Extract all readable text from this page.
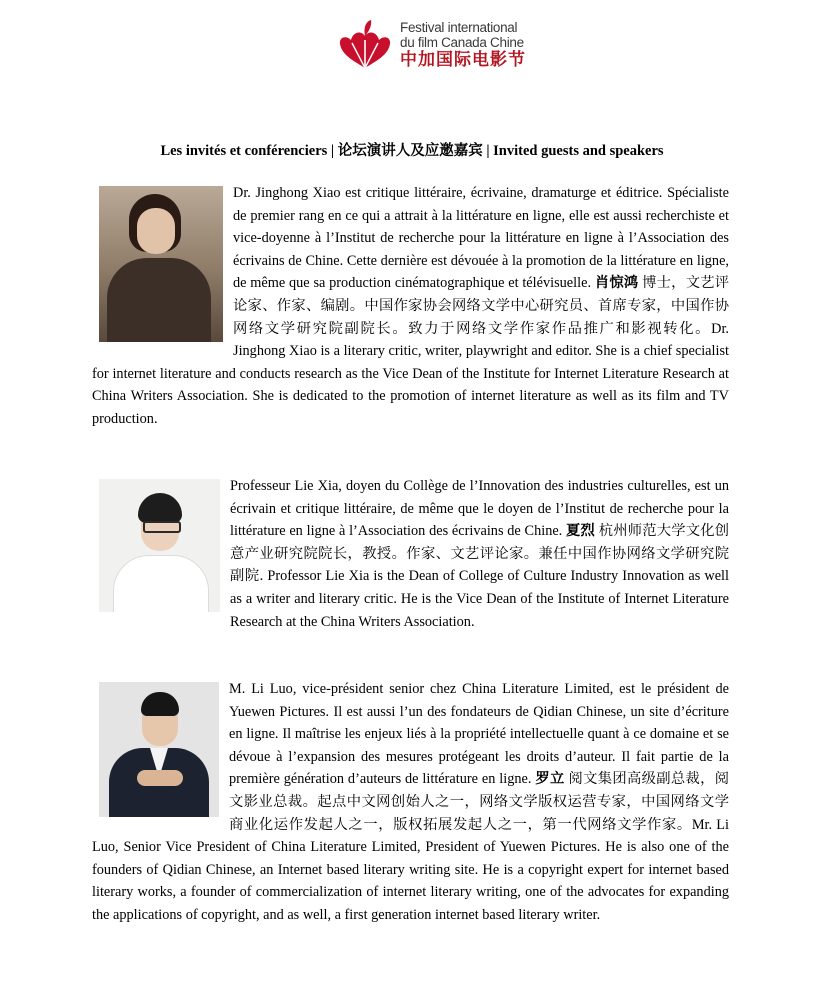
Festival international
du film Canada Chine
中加国际电影节
Les invités et conférenciers | 论坛演讲人及应邀嘉宾 | Invited guests and speakers
Dr. Jinghong Xiao est critique littéraire, écrivaine, dramaturge et éditrice. Spécialiste de premier rang en ce qui a attrait à la littérature en ligne, elle est aussi recherchiste et vice-doyenne à l’Institut de recherche pour la littérature en ligne à l’Association des écrivains de Chine. Cette dernière est dévouée à la promotion de la littérature en ligne, de même que sa production cinématographique et télévisuelle. 肖惊鸿 博士，文艺评论家、作家、编剧。中国作家协会网络文学中心研究员、首席专家，中国作协网络文学研究院副院长。致力于网络文学作家作品推广和影视转化。Dr. Jinghong Xiao is a literary critic, writer, playwright and editor. She is a chief specialist for internet literature and conducts research as the Vice Dean of the Institute for Internet Literature Research at China Writers Association. She is dedicated to the promotion of internet literature as well as its film and TV production.
Professeur Lie Xia, doyen du Collège de l’Innovation des industries culturelles, est un écrivain et critique littéraire, de même que le doyen de l’Institut de recherche pour la littérature en ligne à l’Association des écrivains de Chine. 夏烈 杭州师范大学文化创意产业研究院院长，教授。作家、文艺评论家。兼任中国作协网络文学研究院副院. Professor Lie Xia is the Dean of College of Culture Industry Innovation as well as a writer and literary critic. He is the Vice Dean of the Institute of Internet Literature Research at the China Writers Association.
M. Li Luo, vice-président senior chez China Literature Limited, est le président de Yuewen Pictures. Il est aussi l’un des fondateurs de Qidian Chinese, un site d’écriture en ligne. Il maîtrise les enjeux liés à la propriété intellectuelle quant à ce domaine et se dévoue à l’expansion des mesures protégeant les droits d’auteur. Il fait partie de la première génération d’auteurs de littérature en ligne. 罗立 阅文集团高级副总裁，阅文影业总裁。起点中文网创始人之一，网络文学版权运营专家，中国网络文学商业化运作发起人之一，版权拓展发起人之一，第一代网络文学作家。Mr. Li Luo, Senior Vice President of China Literature Limited, President of Yuewen Pictures. He is also one of the founders of Qidian Chinese, an Internet based literary writing site. He is a copyright expert for internet based literary works, a founder of commercialization of internet literary writing, one of the advocates for expanding the applications of copyright, and as well, a first generation internet based literary writer.
